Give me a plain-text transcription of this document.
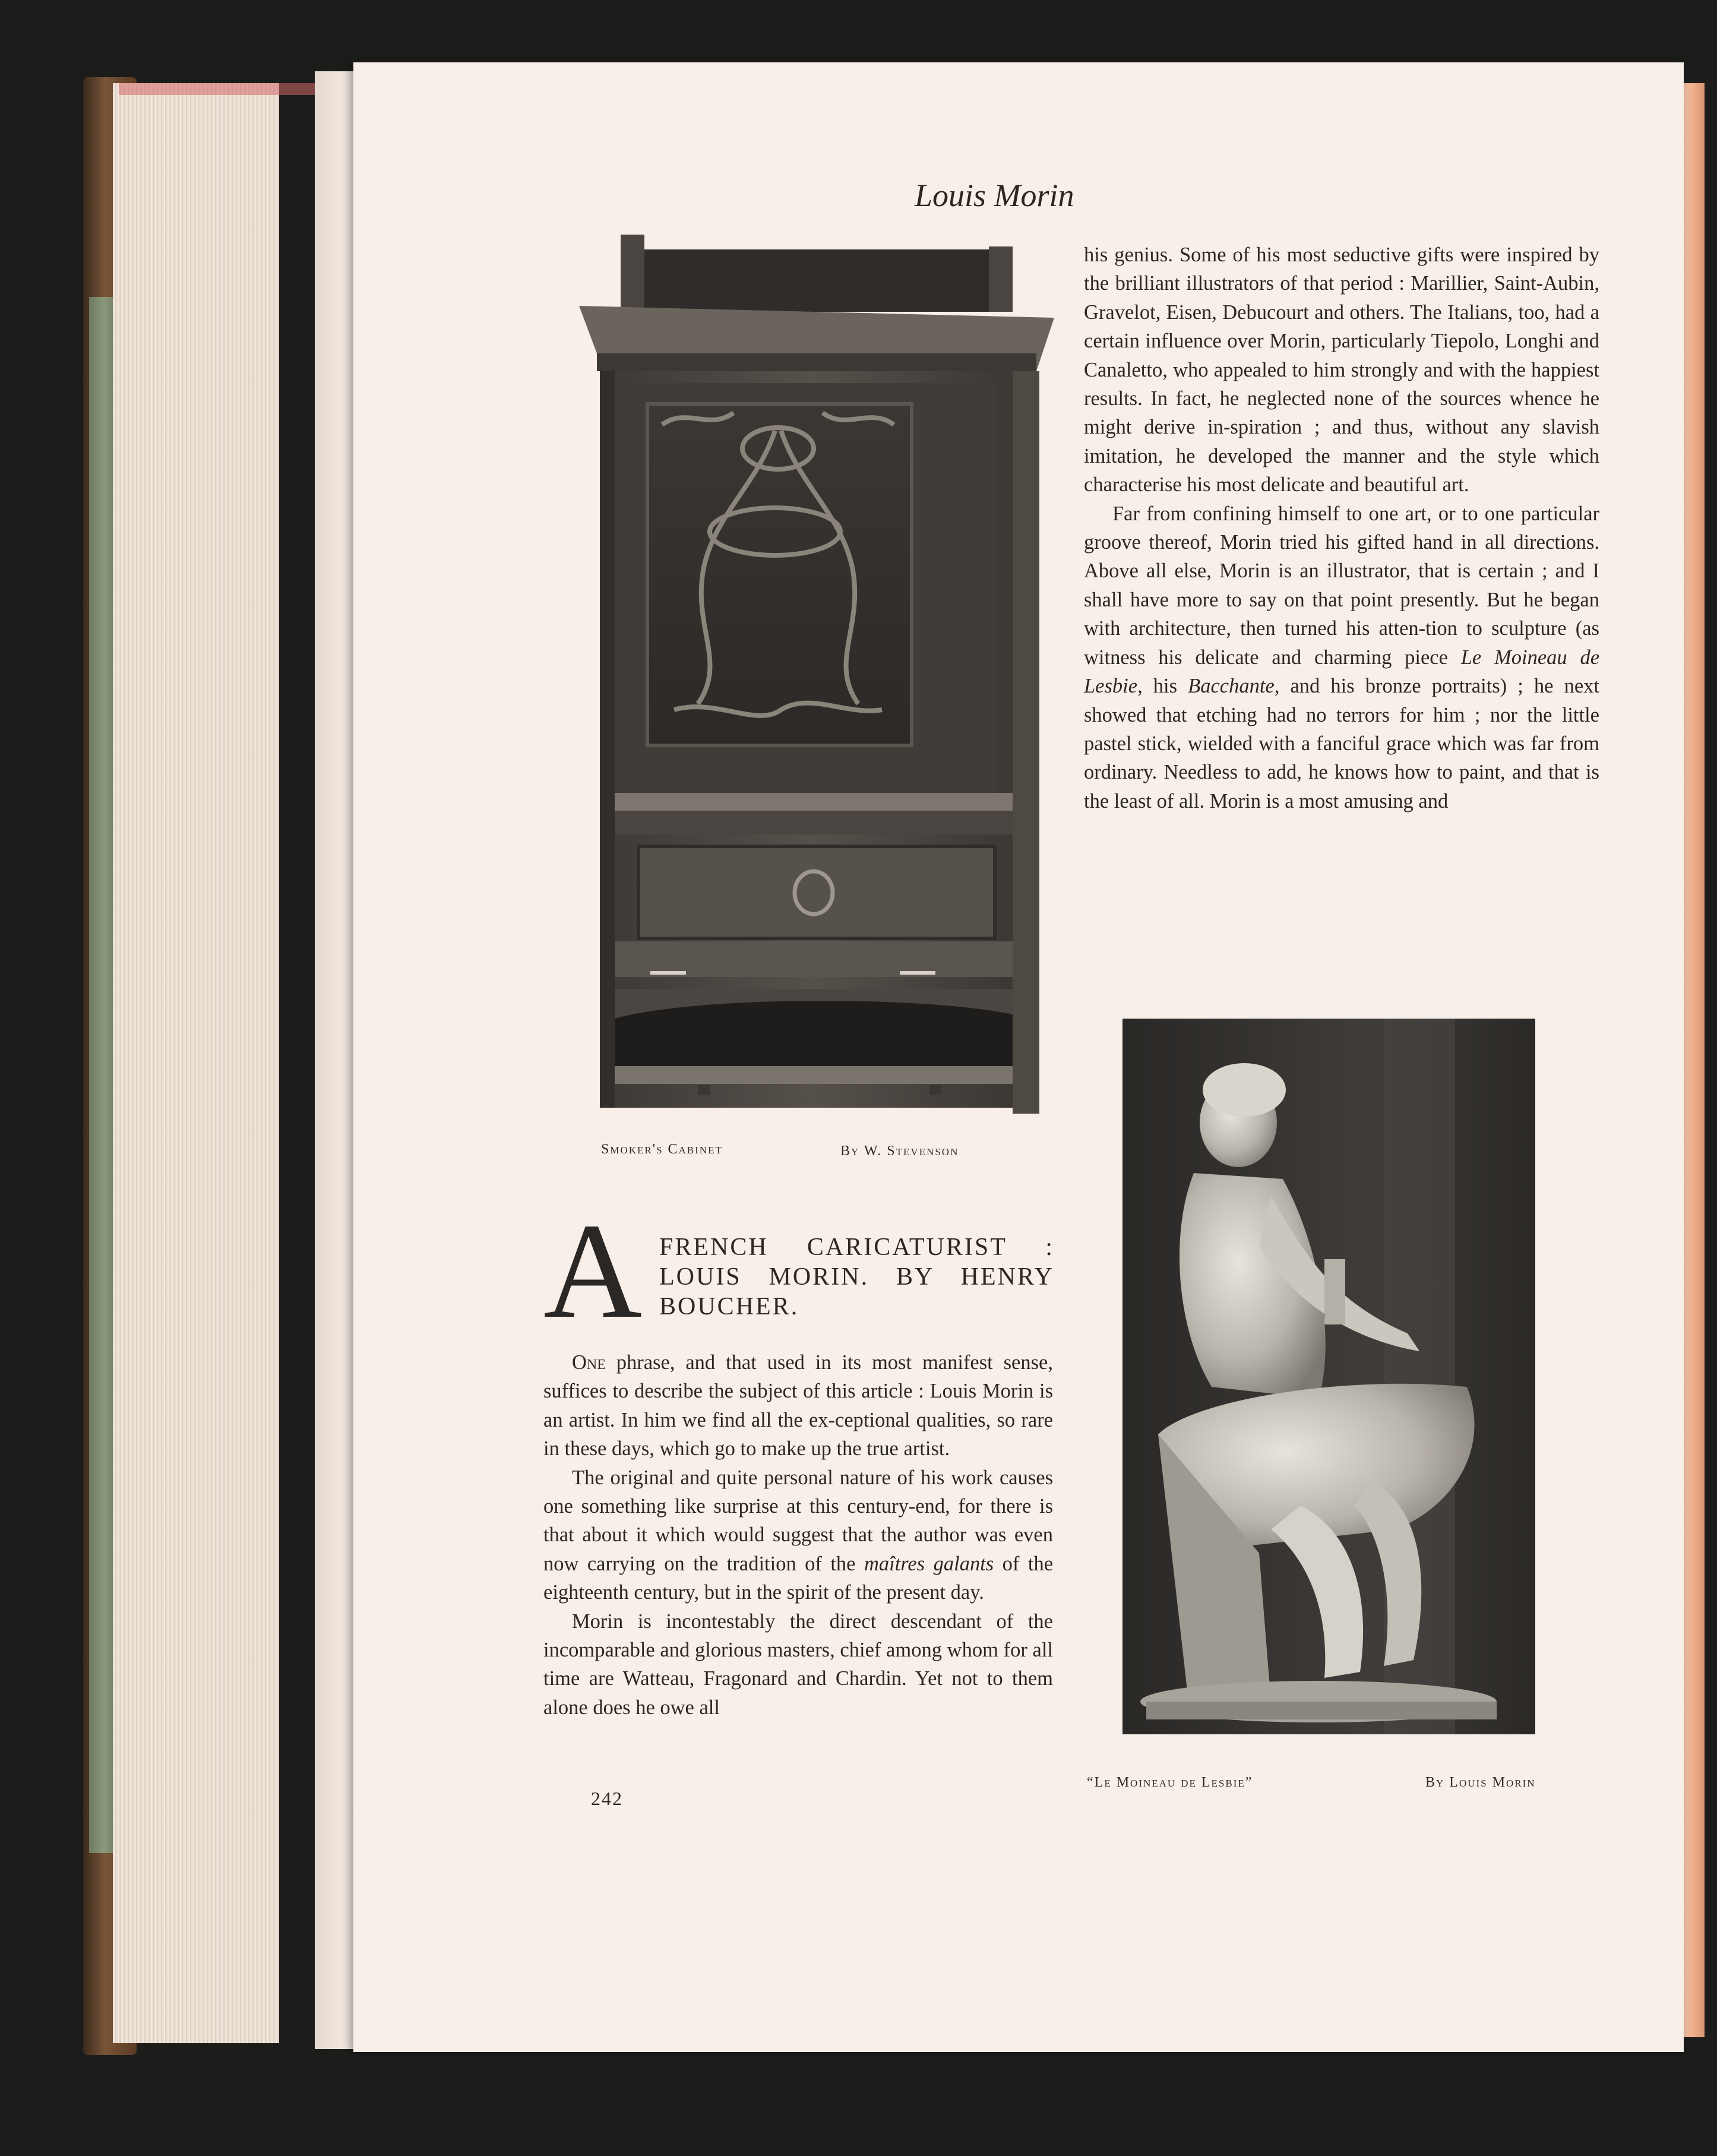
Louis Morin
Smoker's Cabinet	By W. Stevenson

his genius. Some of his most seductive gifts were inspired by the brilliant illustrators of that period : Marillier, Saint-Aubin, Gravelot, Eisen, Debucourt and others. The Italians, too, had a certain influence over Morin, particularly Tiepolo, Longhi and Canaletto, who appealed to him strongly and with the happiest results. In fact, he neglected none of the sources whence he might derive in-spiration ; and thus, without any slavish imitation, he developed the manner and the style which characterise his most delicate and beautiful art.

Far from confining himself to one art, or to one particular groove thereof, Morin tried his gifted hand in all directions. Above all else, Morin is an illustrator, that is certain ; and I shall have more to say on that point presently. But he began with architecture, then turned his atten-tion to sculpture (as witness his delicate and charming piece Le Moineau de Lesbie, his Bacchante, and his bronze portraits) ; he next showed that etching had no terrors for him ; nor the little pastel stick, wielded with a fanciful grace which was far from ordinary. Needless to add, he knows how to paint, and that is the least of all. Morin is a most amusing and

“Le Moineau de Lesbie”	By Louis Morin
A FRENCH CARICATURIST : LOUIS MORIN. BY HENRY BOUCHER.

One phrase, and that used in its most manifest sense, suffices to describe the subject of this article : Louis Morin is an artist. In him we find all the ex-ceptional qualities, so rare in these days, which go to make up the true artist.

The original and quite personal nature of his work causes one something like surprise at this century-end, for there is that about it which would suggest that the author was even now carrying on the tradition of the maîtres galants of the eighteenth century, but in the spirit of the present day.

Morin is incontestably the direct descendant of the incomparable and glorious masters, chief among whom for all time are Watteau, Fragonard and Chardin. Yet not to them alone does he owe all

242
